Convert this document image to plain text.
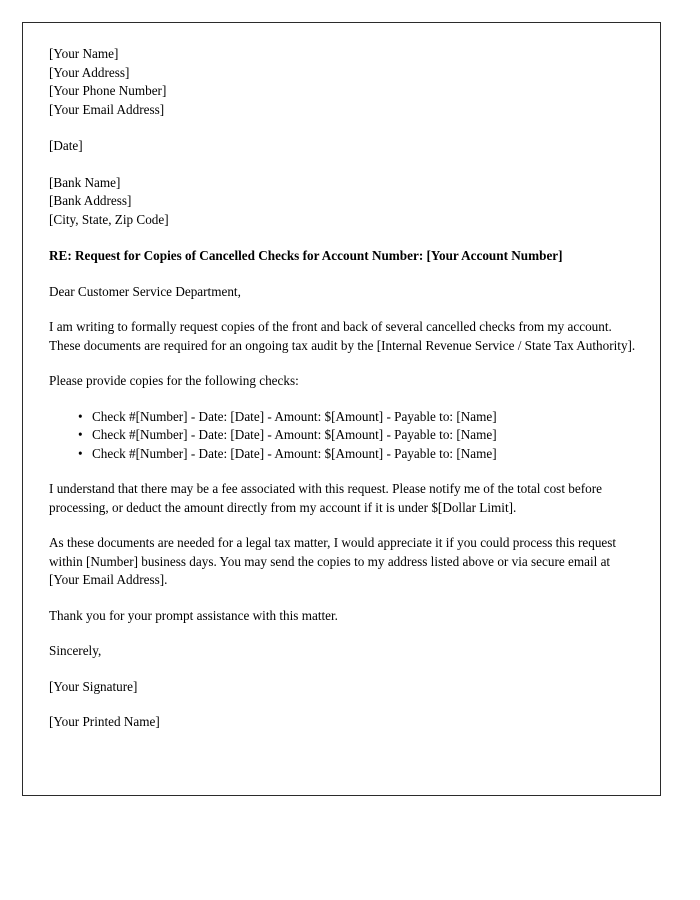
[Your Name]
[Your Address]
[Your Phone Number]
[Your Email Address]
[Date]
[Bank Name]
[Bank Address]
[City, State, Zip Code]

RE: Request for Copies of Cancelled Checks for Account Number: [Your Account Number]

Dear Customer Service Department,

I am writing to formally request copies of the front and back of several cancelled checks from my account. These documents are required for an ongoing tax audit by the [Internal Revenue Service / State Tax Authority].

Please provide copies for the following checks:

• Check #[Number] - Date: [Date] - Amount: $[Amount] - Payable to: [Name]
• Check #[Number] - Date: [Date] - Amount: $[Amount] - Payable to: [Name]
• Check #[Number] - Date: [Date] - Amount: $[Amount] - Payable to: [Name]

I understand that there may be a fee associated with this request. Please notify me of the total cost before processing, or deduct the amount directly from my account if it is under $[Dollar Limit].

As these documents are needed for a legal tax matter, I would appreciate it if you could process this request within [Number] business days. You may send the copies to my address listed above or via secure email at [Your Email Address].

Thank you for your prompt assistance with this matter.

Sincerely,

[Your Signature]

[Your Printed Name]
